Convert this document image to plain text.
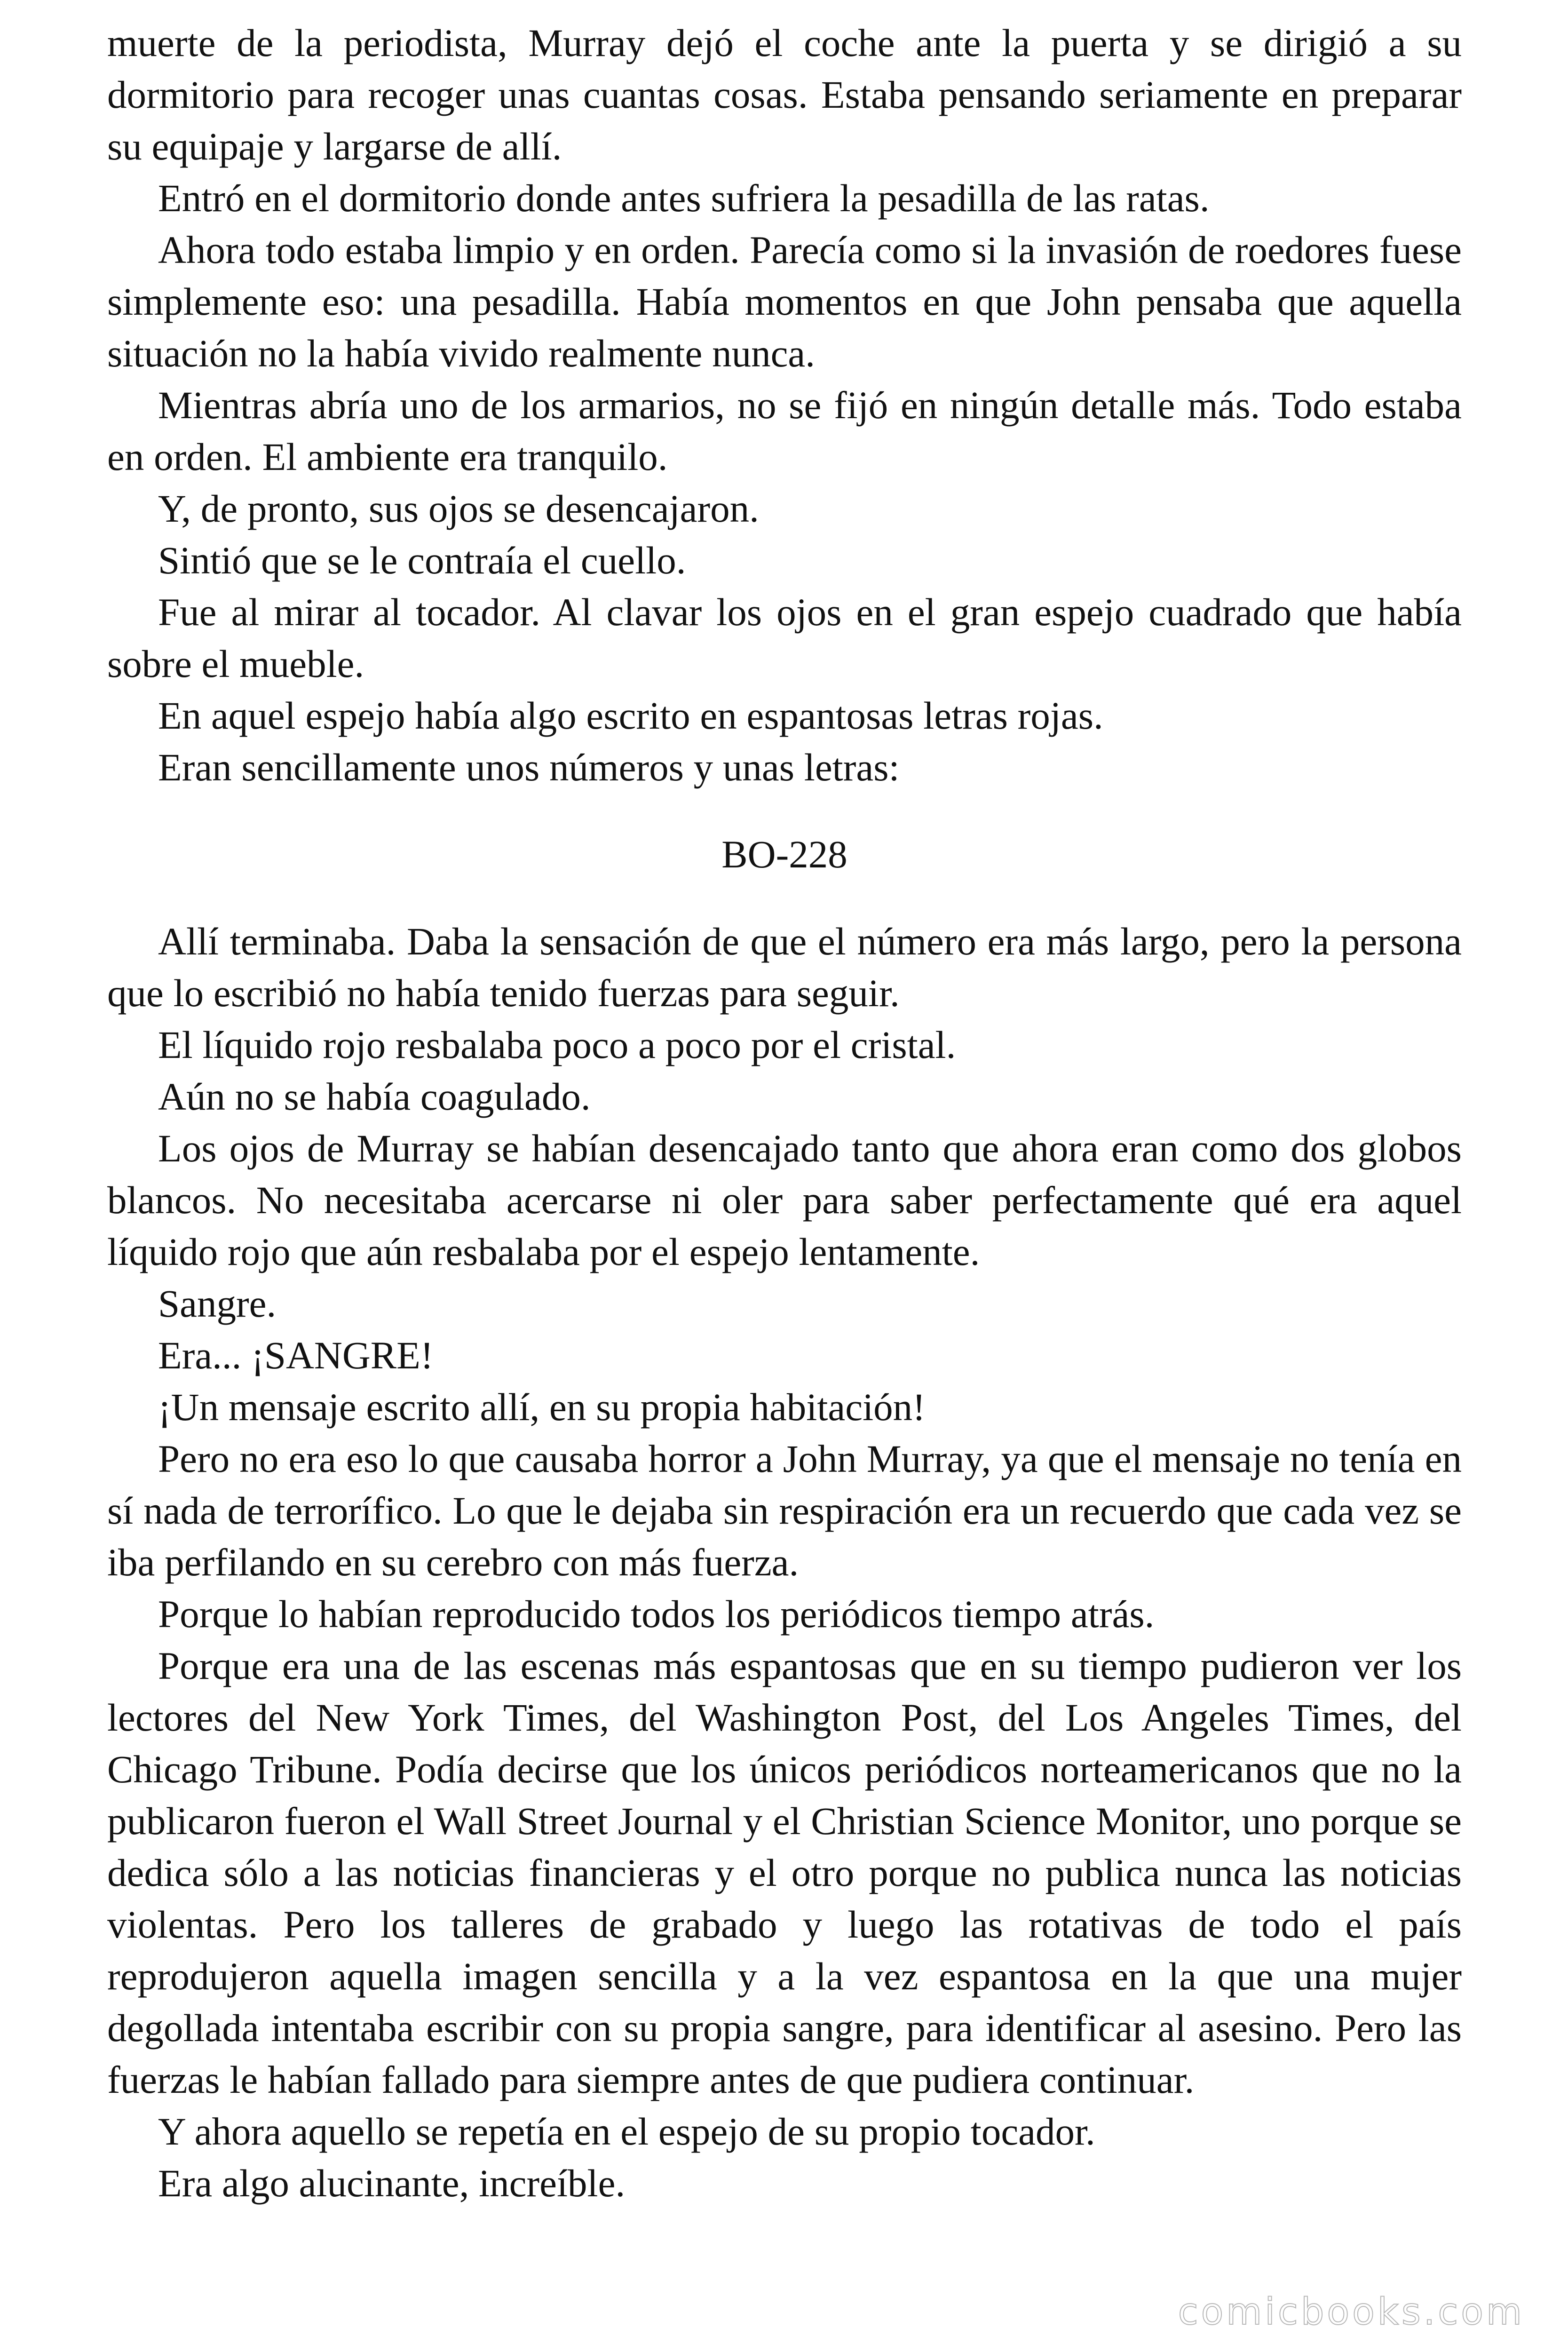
muerte de la periodista, Murray dejó el coche ante la puerta y se dirigió a su dormitorio para recoger unas cuantas cosas. Estaba pensando seriamente en preparar su equipaje y largarse de allí.

Entró en el dormitorio donde antes sufriera la pesadilla de las ratas.

Ahora todo estaba limpio y en orden. Parecía como si la invasión de roedores fuese simplemente eso: una pesadilla. Había momentos en que John pensaba que aquella situación no la había vivido realmente nunca.

Mientras abría uno de los armarios, no se fijó en ningún detalle más. Todo estaba en orden. El ambiente era tranquilo.

Y, de pronto, sus ojos se desencajaron.

Sintió que se le contraía el cuello.

Fue al mirar al tocador. Al clavar los ojos en el gran espejo cuadrado que había sobre el mueble.

En aquel espejo había algo escrito en espantosas letras rojas.

Eran sencillamente unos números y unas letras:

BO-228

Allí terminaba. Daba la sensación de que el número era más largo, pero la persona que lo escribió no había tenido fuerzas para seguir.

El líquido rojo resbalaba poco a poco por el cristal.

Aún no se había coagulado.

Los ojos de Murray se habían desencajado tanto que ahora eran como dos globos blancos. No necesitaba acercarse ni oler para saber perfectamente qué era aquel líquido rojo que aún resbalaba por el espejo lentamente.

Sangre.

Era... ¡SANGRE!

¡Un mensaje escrito allí, en su propia habitación!

Pero no era eso lo que causaba horror a John Murray, ya que el mensaje no tenía en sí nada de terrorífico. Lo que le dejaba sin respiración era un recuerdo que cada vez se iba perfilando en su cerebro con más fuerza.

Porque lo habían reproducido todos los periódicos tiempo atrás.

Porque era una de las escenas más espantosas que en su tiempo pudieron ver los lectores del New York Times, del Washington Post, del Los Angeles Times, del Chicago Tribune. Podía decirse que los únicos periódicos norteamericanos que no la publicaron fueron el Wall Street Journal y el Christian Science Monitor, uno porque se dedica sólo a las noticias financieras y el otro porque no publica nunca las noticias violentas. Pero los talleres de grabado y luego las rotativas de todo el país reprodujeron aquella imagen sencilla y a la vez espantosa en la que una mujer degollada intentaba escribir con su propia sangre, para identificar al asesino. Pero las fuerzas le habían fallado para siempre antes de que pudiera continuar.

Y ahora aquello se repetía en el espejo de su propio tocador.

Era algo alucinante, increíble.

comicbooks.com
